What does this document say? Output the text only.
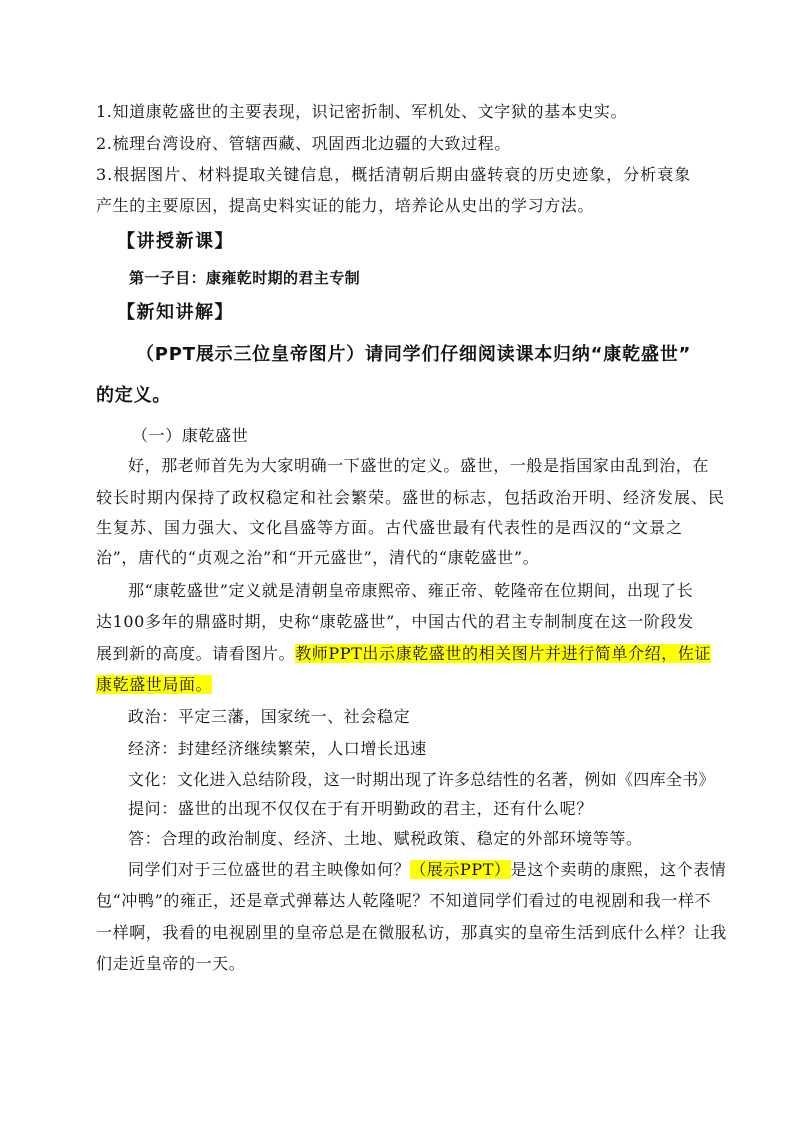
1.知道康乾盛世的主要表现，识记密折制、军机处、文字狱的基本史实。
2.梳理台湾设府、管辖西藏、巩固西北边疆的大致过程。
3.根据图片、材料提取关键信息，概括清朝后期由盛转衰的历史迹象，分析衰象
产生的主要原因，提高史料实证的能力，培养论从史出的学习方法。
【讲授新课】
第一子目：康雍乾时期的君主专制
【新知讲解】
（PPT展示三位皇帝图片）请同学们仔细阅读课本归纳“康乾盛世”
的定义。
（一）康乾盛世
好，那老师首先为大家明确一下盛世的定义。盛世，一般是指国家由乱到治，在
较长时期内保持了政权稳定和社会繁荣。盛世的标志，包括政治开明、经济发展、民
生复苏、国力强大、文化昌盛等方面。古代盛世最有代表性的是西汉的“文景之
治”，唐代的“贞观之治”和“开元盛世”，清代的“康乾盛世”。
那“康乾盛世”定义就是清朝皇帝康熙帝、雍正帝、乾隆帝在位期间，出现了长
达100多年的鼎盛时期，史称“康乾盛世”，中国古代的君主专制制度在这一阶段发
展到新的高度。请看图片。教师PPT出示康乾盛世的相关图片并进行简单介绍，佐证
康乾盛世局面。
政治：平定三藩，国家统一、社会稳定
经济：封建经济继续繁荣，人口增长迅速
文化：文化进入总结阶段，这一时期出现了许多总结性的名著，例如《四库全书》
提问：盛世的出现不仅仅在于有开明勤政的君主，还有什么呢？
答：合理的政治制度、经济、土地、赋税政策、稳定的外部环境等等。
同学们对于三位盛世的君主映像如何？（展示PPT）是这个卖萌的康熙，这个表情
包“冲鸭”的雍正，还是章式弹幕达人乾隆呢？不知道同学们看过的电视剧和我一样不
一样啊，我看的电视剧里的皇帝总是在微服私访，那真实的皇帝生活到底什么样？让我
们走近皇帝的一天。
